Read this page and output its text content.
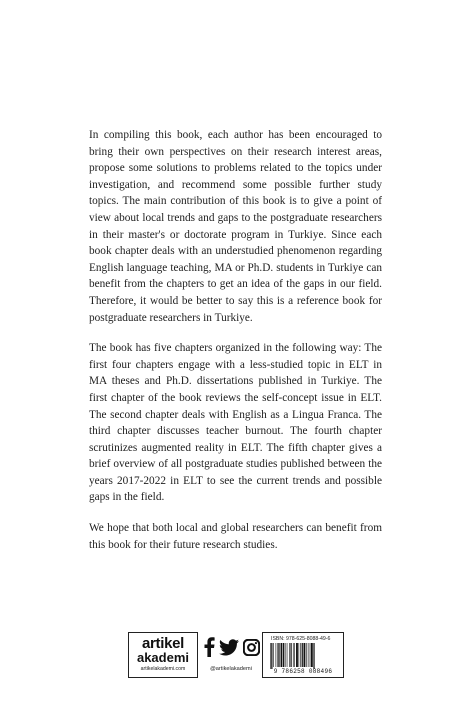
In compiling this book, each author has been encouraged to bring their own perspectives on their research interest areas, propose some solutions to problems related to the topics under investigation, and recommend some possible further study topics. The main contribution of this book is to give a point of view about local trends and gaps to the postgraduate researchers in their master's or doctorate program in Turkiye. Since each book chapter deals with an understudied phenomenon regarding English language teaching, MA or Ph.D. students in Turkiye can benefit from the chapters to get an idea of the gaps in our field. Therefore, it would be better to say this is a reference book for postgraduate researchers in Turkiye.

The book has five chapters organized in the following way: The first four chapters engage with a less-studied topic in ELT in MA theses and Ph.D. dissertations published in Turkiye. The first chapter of the book reviews the self-concept issue in ELT. The second chapter deals with English as a Lingua Franca. The third chapter discusses teacher burnout. The fourth chapter scrutinizes augmented reality in ELT. The fifth chapter gives a brief overview of all postgraduate studies published between the years 2017-2022 in ELT to see the current trends and possible gaps in the field.

We hope that both local and global researchers can benefit from this book for their future research studies.

artikel
akademi
artikelakademi.com	@artikelakademi
ISBN: 978-625-8088-49-6
9 786258 088496
